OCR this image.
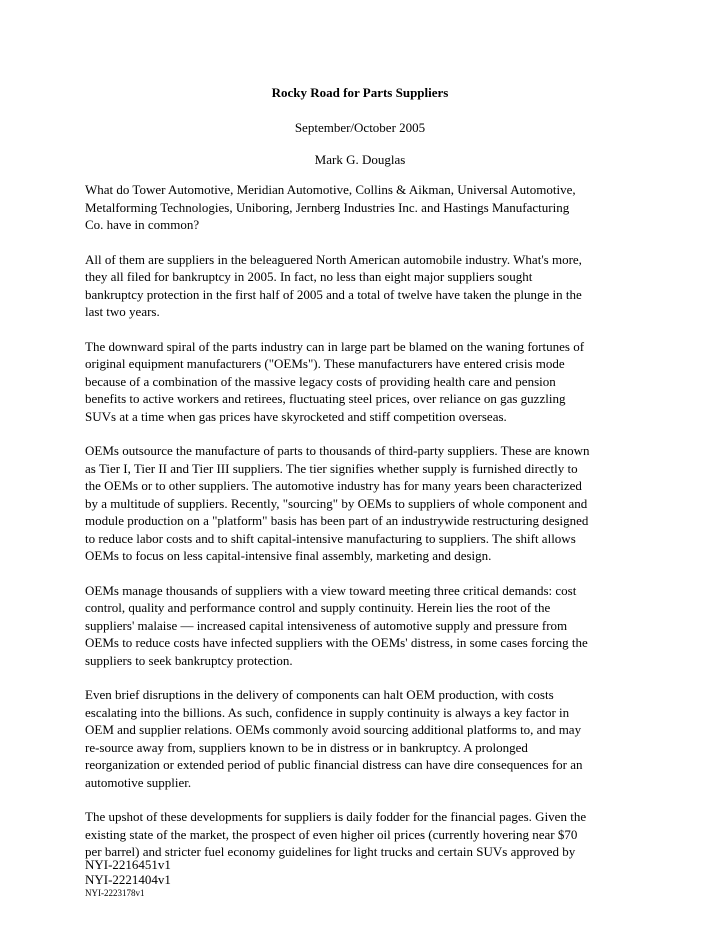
Rocky Road for Parts Suppliers
September/October 2005
Mark G. Douglas

What do Tower Automotive, Meridian Automotive, Collins & Aikman, Universal Automotive,
Metalforming Technologies, Uniboring, Jernberg Industries Inc. and Hastings Manufacturing
Co. have in common?

All of them are suppliers in the beleaguered North American automobile industry. What's more,
they all filed for bankruptcy in 2005. In fact, no less than eight major suppliers sought
bankruptcy protection in the first half of 2005 and a total of twelve have taken the plunge in the
last two years.

The downward spiral of the parts industry can in large part be blamed on the waning fortunes of
original equipment manufacturers ("OEMs"). These manufacturers have entered crisis mode
because of a combination of the massive legacy costs of providing health care and pension
benefits to active workers and retirees, fluctuating steel prices, over reliance on gas guzzling
SUVs at a time when gas prices have skyrocketed and stiff competition overseas.

OEMs outsource the manufacture of parts to thousands of third-party suppliers. These are known
as Tier I, Tier II and Tier III suppliers. The tier signifies whether supply is furnished directly to
the OEMs or to other suppliers. The automotive industry has for many years been characterized
by a multitude of suppliers. Recently, "sourcing" by OEMs to suppliers of whole component and
module production on a "platform" basis has been part of an industrywide restructuring designed
to reduce labor costs and to shift capital-intensive manufacturing to suppliers. The shift allows
OEMs to focus on less capital-intensive final assembly, marketing and design.

OEMs manage thousands of suppliers with a view toward meeting three critical demands: cost
control, quality and performance control and supply continuity. Herein lies the root of the
suppliers' malaise — increased capital intensiveness of automotive supply and pressure from
OEMs to reduce costs have infected suppliers with the OEMs' distress, in some cases forcing the
suppliers to seek bankruptcy protection.

Even brief disruptions in the delivery of components can halt OEM production, with costs
escalating into the billions. As such, confidence in supply continuity is always a key factor in
OEM and supplier relations. OEMs commonly avoid sourcing additional platforms to, and may
re-source away from, suppliers known to be in distress or in bankruptcy. A prolonged
reorganization or extended period of public financial distress can have dire consequences for an
automotive supplier.

The upshot of these developments for suppliers is daily fodder for the financial pages. Given the
existing state of the market, the prospect of even higher oil prices (currently hovering near $70
per barrel) and stricter fuel economy guidelines for light trucks and certain SUVs approved by

NYI-2216451v1
NYI-2221404v1
NYI-2223178v1
